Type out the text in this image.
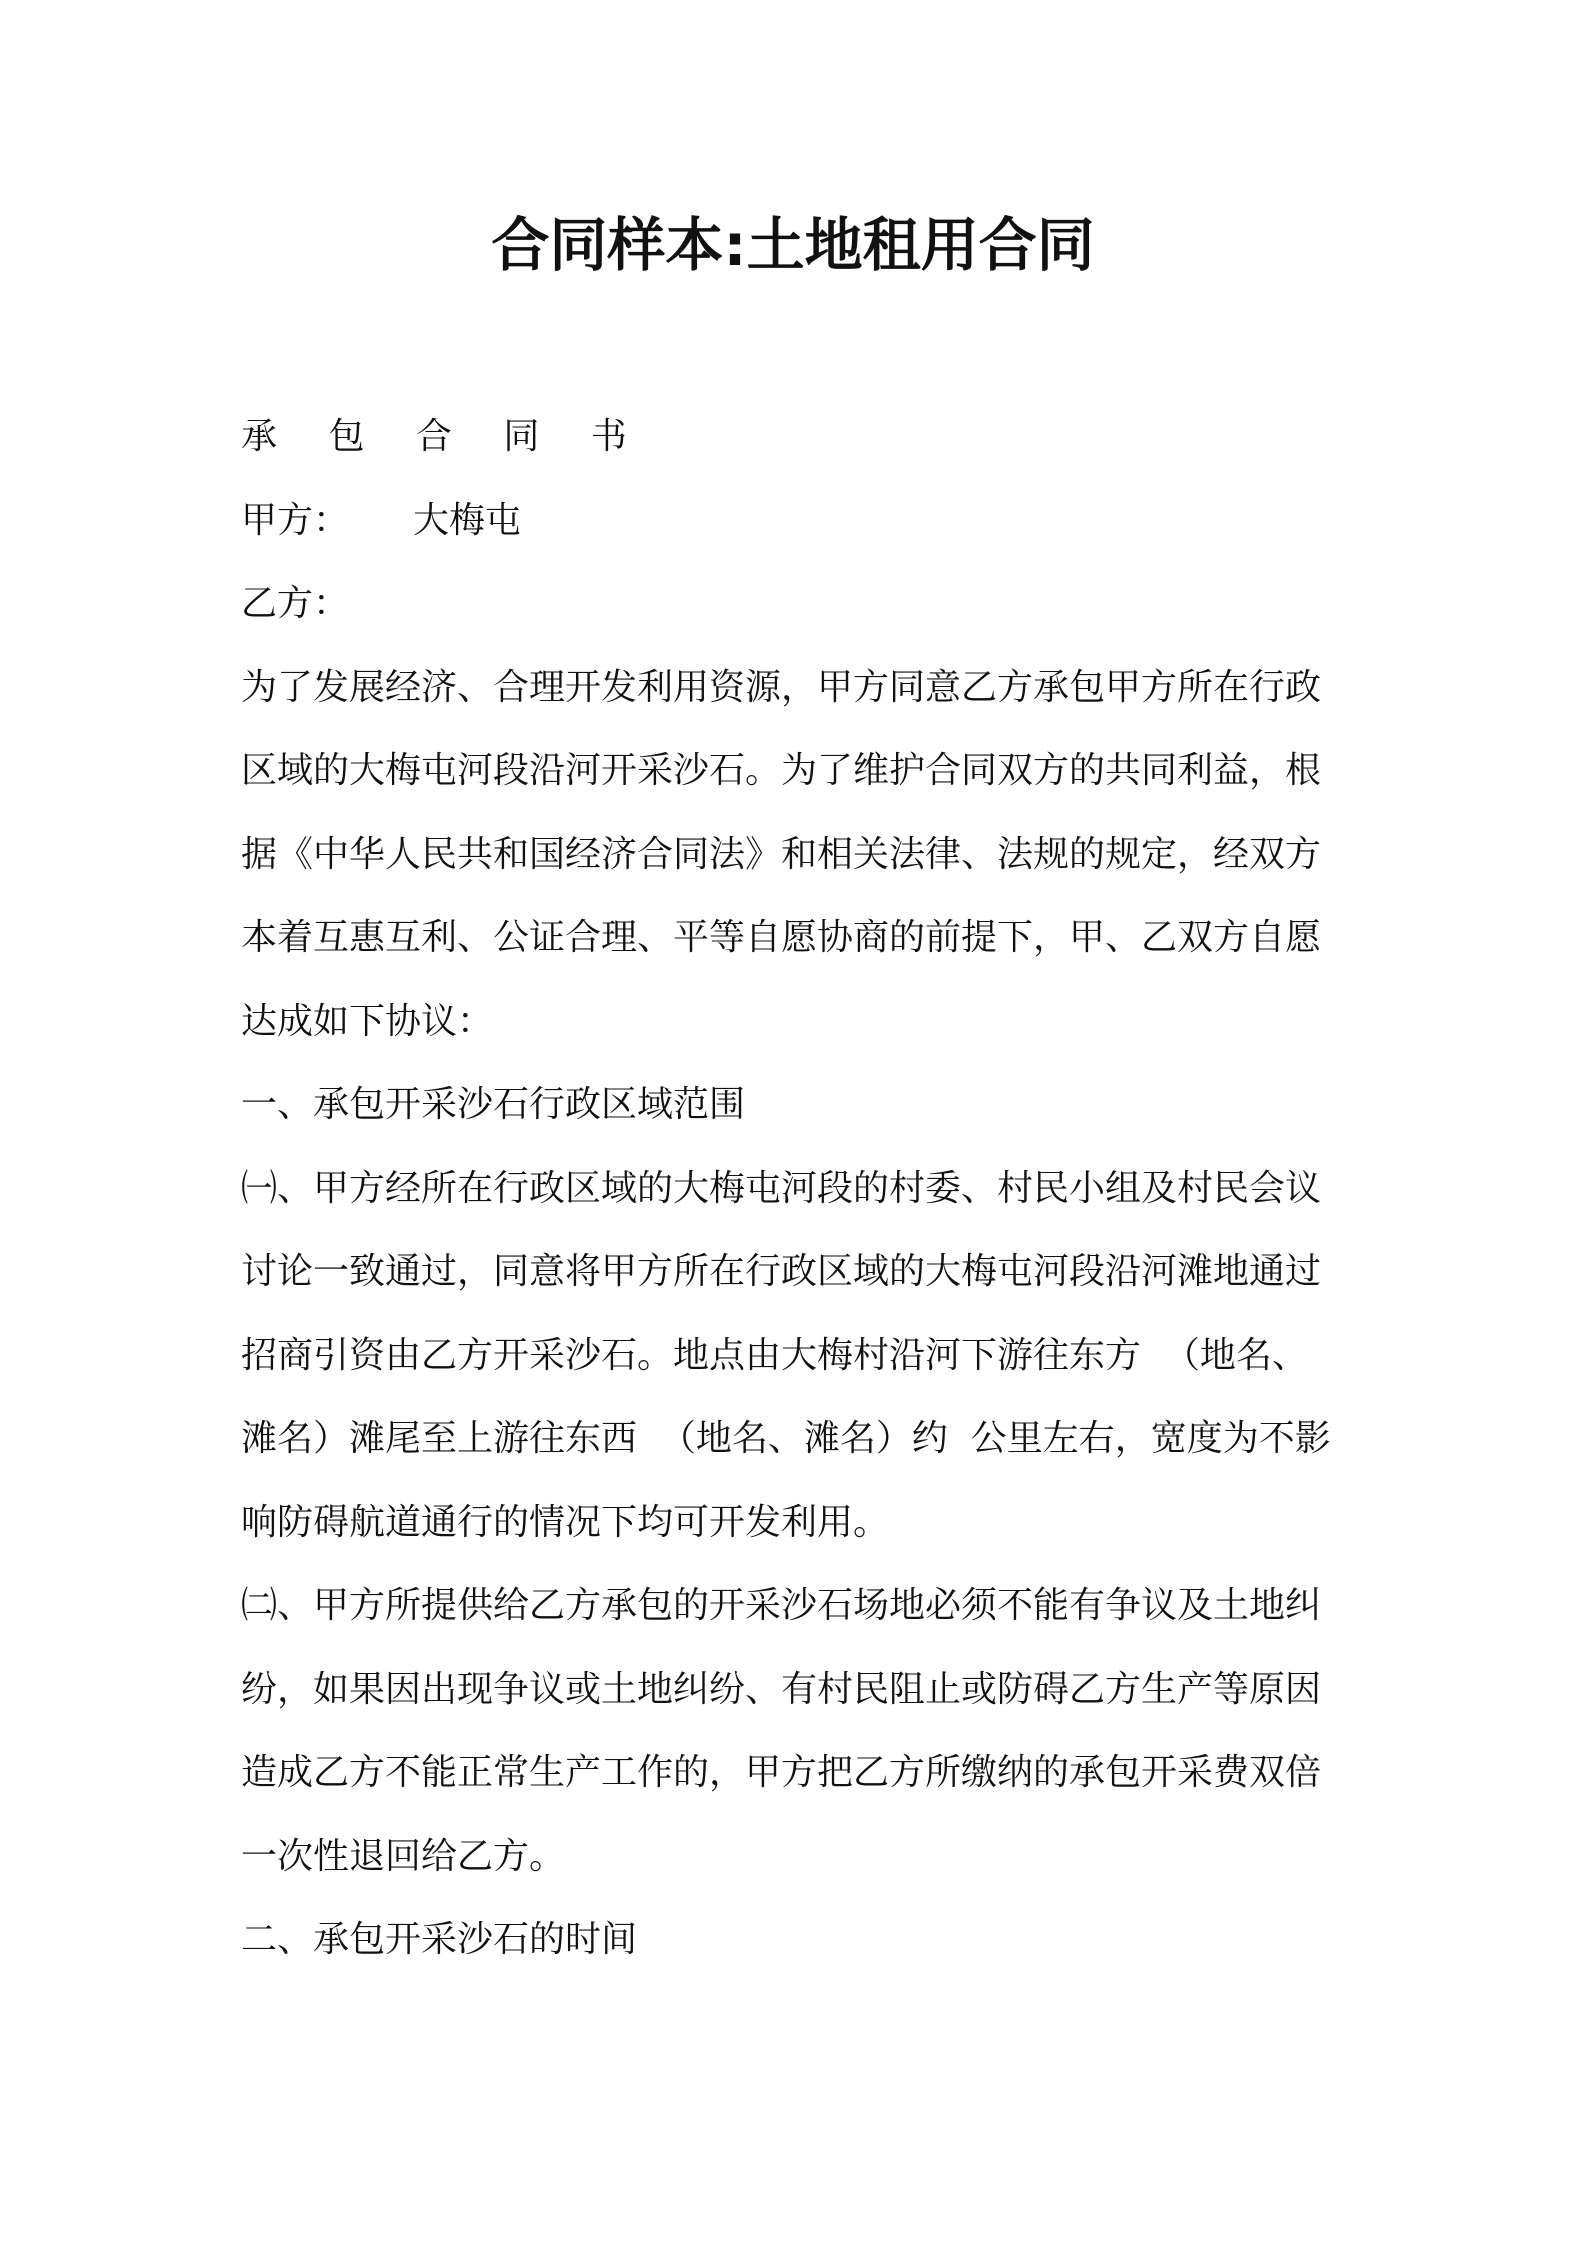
合同样本:土地租用合同
承 包 合 同 书
甲方： 大梅屯
乙方：
为了发展经济、合理开发利用资源，甲方同意乙方承包甲方所在行政
区域的大梅屯河段沿河开采沙石。为了维护合同双方的共同利益，根
据《中华人民共和国经济合同法》和相关法律、法规的规定，经双方
本着互惠互利、公证合理、平等自愿协商的前提下，甲、乙双方自愿
达成如下协议：
一、承包开采沙石行政区域范围
㈠、甲方经所在行政区域的大梅屯河段的村委、村民小组及村民会议
讨论一致通过，同意将甲方所在行政区域的大梅屯河段沿河滩地通过
招商引资由乙方开采沙石。地点由大梅村沿河下游往东方  （地名、
滩名）滩尾至上游往东西  （地名、滩名）约  公里左右，宽度为不影
响防碍航道通行的情况下均可开发利用。
㈡、甲方所提供给乙方承包的开采沙石场地必须不能有争议及土地纠
纷，如果因出现争议或土地纠纷、有村民阻止或防碍乙方生产等原因
造成乙方不能正常生产工作的，甲方把乙方所缴纳的承包开采费双倍
一次性退回给乙方。
二、承包开采沙石的时间
